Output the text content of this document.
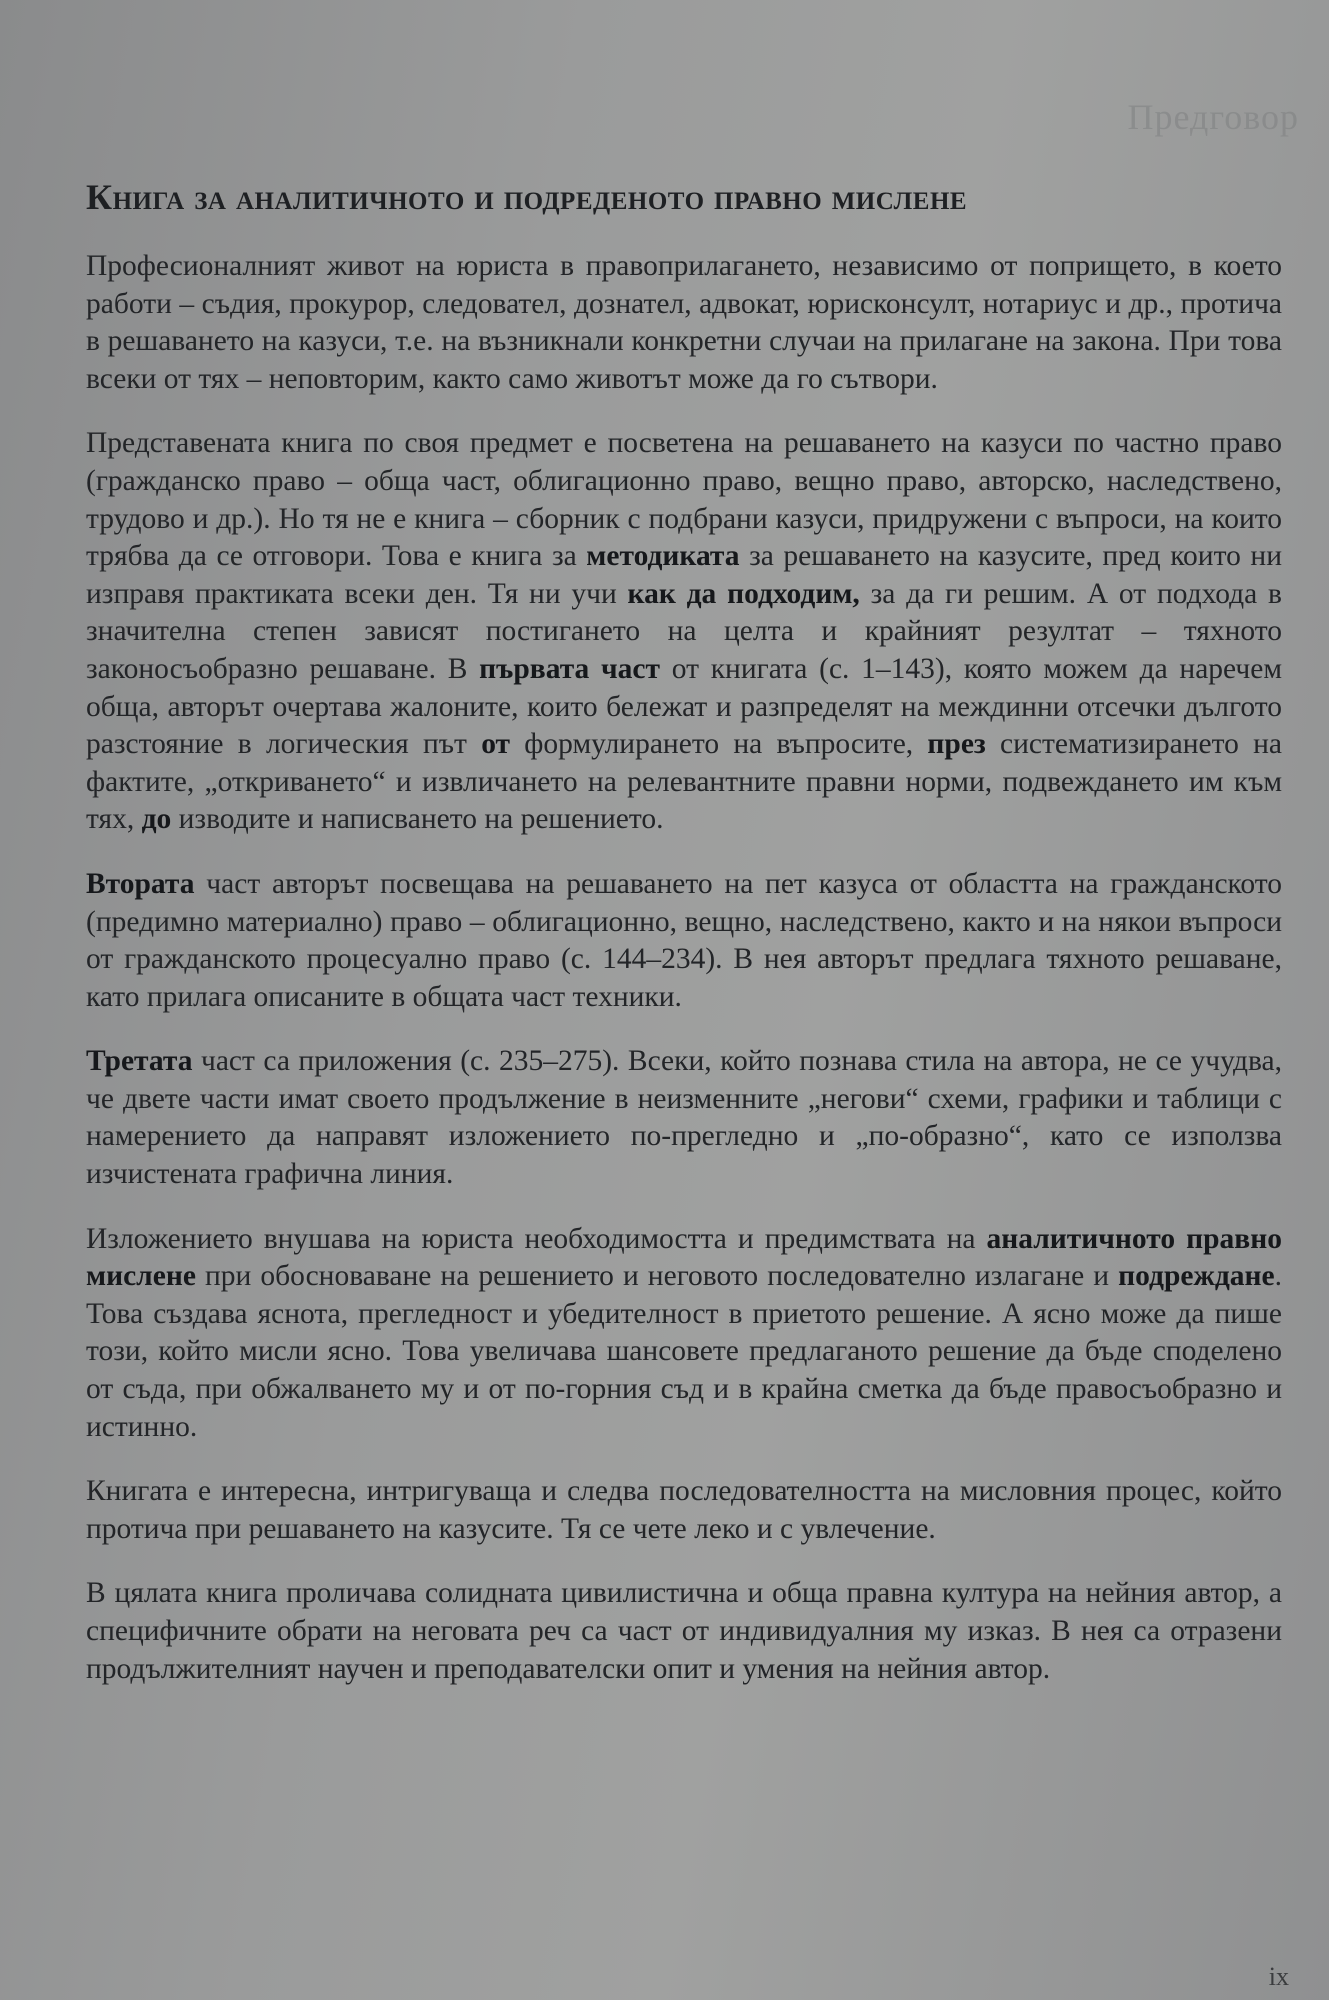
Предговор
Книга за аналитичното и подреденото правно мислене

Професионалният живот на юриста в правоприлагането, независимо от попрището, в което работи – съдия, прокурор, следовател, дознател, адвокат, юрисконсулт, нотариус и др., протича в решаването на казуси, т.е. на възникнали конкретни случаи на прилагане на закона. При това всеки от тях – неповторим, както само животът може да го сътвори.

Представената книга по своя предмет е посветена на решаването на казуси по частно право (гражданско право – обща част, облигационно право, вещно право, авторско, наследствено, трудово и др.). Но тя не е книга – сборник с подбрани казуси, придружени с въпроси, на които трябва да се отговори. Това е книга за методиката за решаването на казусите, пред които ни изправя практиката всеки ден. Тя ни учи как да подходим, за да ги решим. А от подхода в значителна степен зависят постигането на целта и крайният резултат – тяхното законосъобразно решаване. В първата част от книгата (с. 1–143), която можем да наречем обща, авторът очертава жалоните, които бележат и разпределят на междинни отсечки дългото разстояние в логическия път от формулирането на въпросите, през систематизирането на фактите, „откриването“ и извличането на релевантните правни норми, подвеждането им към тях, до изводите и написването на решението.

Втората част авторът посвещава на решаването на пет казуса от областта на гражданското (предимно материално) право – облигационно, вещно, наследствено, както и на някои въпроси от гражданското процесуално право (с. 144–234). В нея авторът предлага тяхното решаване, като прилага описаните в общата част техники.

Третата част са приложения (с. 235–275). Всеки, който познава стила на автора, не се учудва, че двете части имат своето продължение в неизменните „негови“ схеми, графики и таблици с намерението да направят изложението по-прегледно и „по-образно“, като се използва изчистената графична линия.

Изложението внушава на юриста необходимостта и предимствата на аналитичното правно мислене при обосноваване на решението и неговото последователно излагане и подреждане. Това създава яснота, прегледност и убедителност в приетото решение. А ясно може да пише този, който мисли ясно. Това увеличава шансовете предлаганото решение да бъде споделено от съда, при обжалването му и от по-горния съд и в крайна сметка да бъде правосъобразно и истинно.

Книгата е интересна, интригуваща и следва последователността на мисловния процес, който протича при решаването на казусите. Тя се чете леко и с увлечение.

В цялата книга проличава солидната цивилистична и обща правна култура на нейния автор, а специфичните обрати на неговата реч са част от индивидуалния му изказ. В нея са отразени продължителният научен и преподавателски опит и умения на нейния автор.

ix
